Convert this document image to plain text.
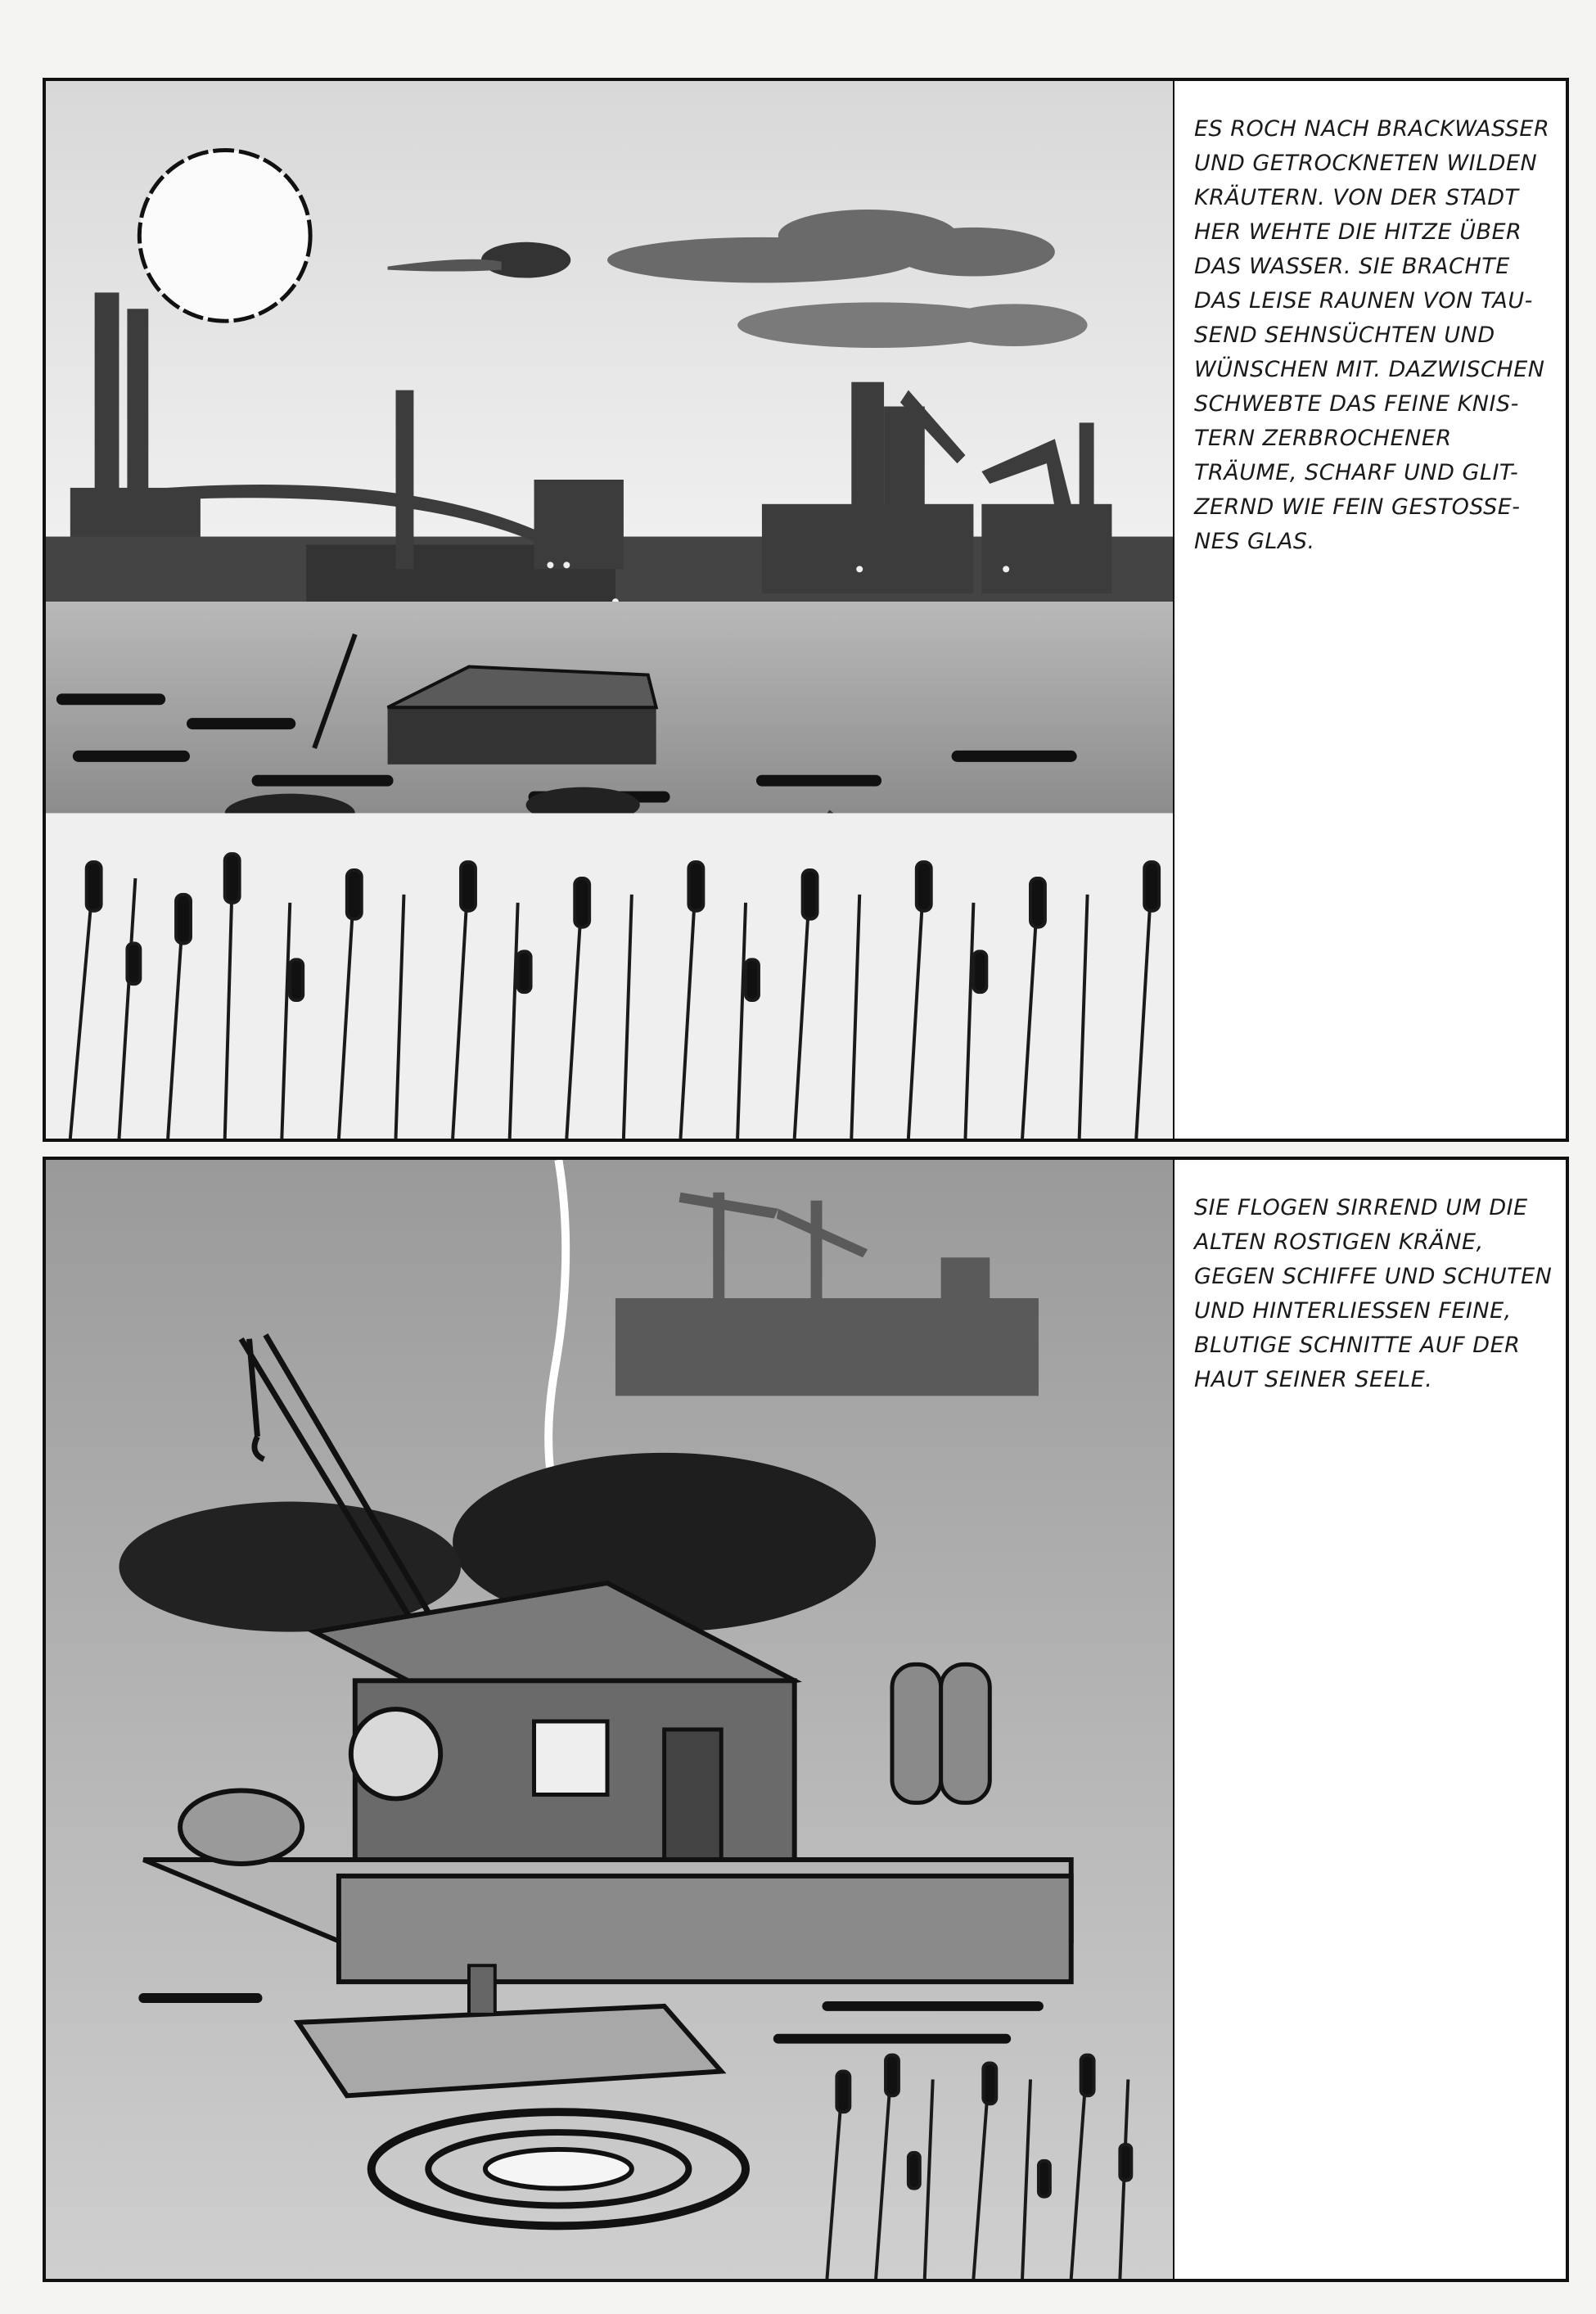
ES ROCH NACH BRACKWASSER
UND GETROCKNETEN WILDEN
KRÄUTERN. VON DER STADT
HER WEHTE DIE HITZE ÜBER
DAS WASSER. SIE BRACHTE
DAS LEISE RAUNEN VON TAU-
SEND SEHNSÜCHTEN UND
WÜNSCHEN MIT. DAZWISCHEN
SCHWEBTE DAS FEINE KNIS-
TERN ZERBROCHENER
TRÄUME, SCHARF UND GLIT-
ZERND WIE FEIN GESTOSSE-
NES GLAS.
SIE FLOGEN SIRREND UM DIE
ALTEN ROSTIGEN KRÄNE,
GEGEN SCHIFFE UND SCHUTEN
UND HINTERLIESSEN FEINE,
BLUTIGE SCHNITTE AUF DER
HAUT SEINER SEELE.
